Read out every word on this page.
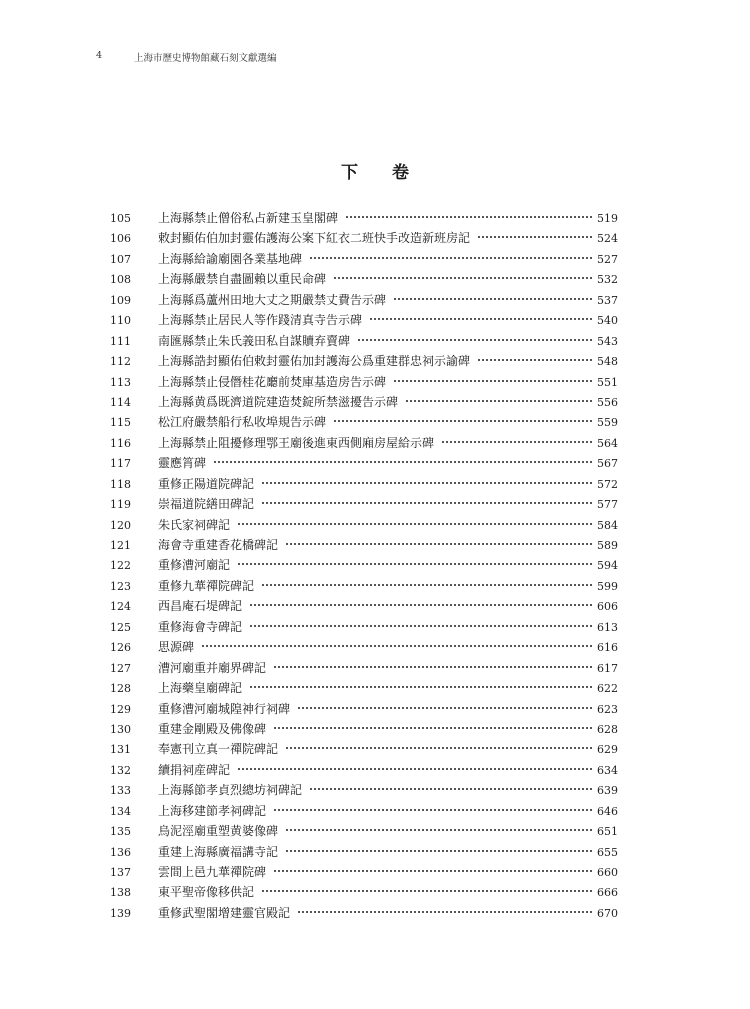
4	上海市歷史博物館藏石刻文獻選編
下卷
105	上海縣禁止僧俗私占新建玉皇閣碑	519
106	敕封顯佑伯加封靈佑護海公案下紅衣二班快手改造新班房記	524
107	上海縣給諭廟園各業基地碑	527
108	上海縣嚴禁自盡圖賴以重民命碑	532
109	上海縣爲蘆州田地大丈之期嚴禁丈費告示碑	537
110	上海縣禁止居民人等作踐清真寺告示碑	540
111	南匯縣禁止朱氏義田私自謀贖弃賣碑	543
112	上海縣誥封顯佑伯敕封靈佑加封護海公爲重建群忠祠示諭碑	548
113	上海縣禁止侵僭桂花廳前焚庫基造房告示碑	551
114	上海縣黄爲既濟道院建造焚錠所禁滋擾告示碑	556
115	松江府嚴禁船行私收埠規告示碑	559
116	上海縣禁止阻擾修理鄂王廟後進東西側廂房屋給示碑	564
117	靈應筲碑	567
118	重修正陽道院碑記	572
119	崇福道院繕田碑記	577
120	朱氏家祠碑記	584
121	海會寺重建香花橋碑記	589
122	重修漕河廟記	594
123	重修九華禪院碑記	599
124	西昌庵石堤碑記	606
125	重修海會寺碑記	613
126	思源碑	616
127	漕河廟重并廟界碑記	617
128	上海藥皇廟碑記	622
129	重修漕河廟城隍神行祠碑	623
130	重建金剛殿及佛像碑	628
131	奉憲刊立真一禪院碑記	629
132	續捐祠産碑記	634
133	上海縣節孝貞烈總坊祠碑記	639
134	上海移建節孝祠碑記	646
135	烏泥涇廟重塑黄婆像碑	651
136	重建上海縣廣福講寺記	655
137	雲間上邑九華禪院碑	660
138	東平聖帝像移供記	666
139	重修武聖閣增建靈官殿記	670
